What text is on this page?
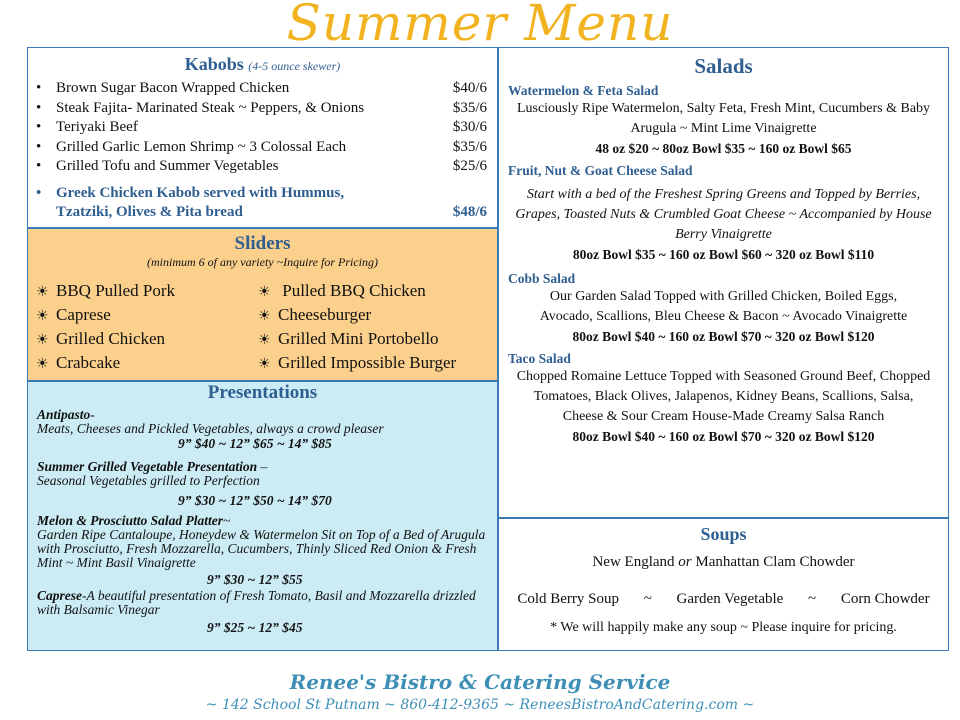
Summer Menu
Kabobs (4-5 ounce skewer)
• Brown Sugar Bacon Wrapped Chicken	$40/6
• Steak Fajita- Marinated Steak ~ Peppers, & Onions	$35/6
• Teriyaki Beef	$30/6
• Grilled Garlic Lemon Shrimp ~ 3 Colossal Each	$35/6
• Grilled Tofu and Summer Vegetables	$25/6
• Greek Chicken Kabob served with Hummus,
Tzatziki, Olives & Pita bread	$48/6
Sliders
(minimum 6 of any variety ~Inquire for Pricing)
☀ BBQ Pulled Pork	☀ Pulled BBQ Chicken
☀ Caprese	☀ Cheeseburger
☀ Grilled Chicken	☀ Grilled Mini Portobello
☀ Crabcake	☀ Grilled Impossible Burger
Presentations
Antipasto-
Meats, Cheeses and Pickled Vegetables, always a crowd pleaser
9” $40 ~ 12” $65 ~ 14” $85
Summer Grilled Vegetable Presentation –
Seasonal Vegetables grilled to Perfection
9” $30 ~ 12” $50 ~ 14” $70
Melon & Prosciutto Salad Platter~
Garden Ripe Cantaloupe, Honeydew & Watermelon Sit on Top of a Bed of Arugula with Prosciutto, Fresh Mozzarella, Cucumbers, Thinly Sliced Red Onion & Fresh Mint ~ Mint Basil Vinaigrette
9” $30 ~ 12” $55
Caprese-A beautiful presentation of Fresh Tomato, Basil and Mozzarella drizzled with Balsamic Vinegar
9” $25 ~ 12” $45
Salads
Watermelon & Feta Salad
Lusciously Ripe Watermelon, Salty Feta, Fresh Mint, Cucumbers & Baby Arugula ~ Mint Lime Vinaigrette
48 oz $20 ~ 80oz Bowl $35 ~ 160 oz Bowl $65
Fruit, Nut & Goat Cheese Salad
Start with a bed of the Freshest Spring Greens and Topped by Berries, Grapes, Toasted Nuts & Crumbled Goat Cheese ~ Accompanied by House Berry Vinaigrette
80oz Bowl $35 ~ 160 oz Bowl $60 ~ 320 oz Bowl $110
Cobb Salad
Our Garden Salad Topped with Grilled Chicken, Boiled Eggs, Avocado, Scallions, Bleu Cheese & Bacon ~ Avocado Vinaigrette
80oz Bowl $40 ~ 160 oz Bowl $70 ~ 320 oz Bowl $120
Taco Salad
Chopped Romaine Lettuce Topped with Seasoned Ground Beef, Chopped Tomatoes, Black Olives, Jalapenos, Kidney Beans, Scallions, Salsa, Cheese & Sour Cream House-Made Creamy Salsa Ranch
80oz Bowl $40 ~ 160 oz Bowl $70 ~ 320 oz Bowl $120
Soups
New England or Manhattan Clam Chowder
Cold Berry Soup ~ Garden Vegetable ~ Corn Chowder
* We will happily make any soup ~ Please inquire for pricing.
Renee's Bistro & Catering Service
~ 142 School St Putnam ~ 860-412-9365 ~ ReneesBistroAndCatering.com ~
